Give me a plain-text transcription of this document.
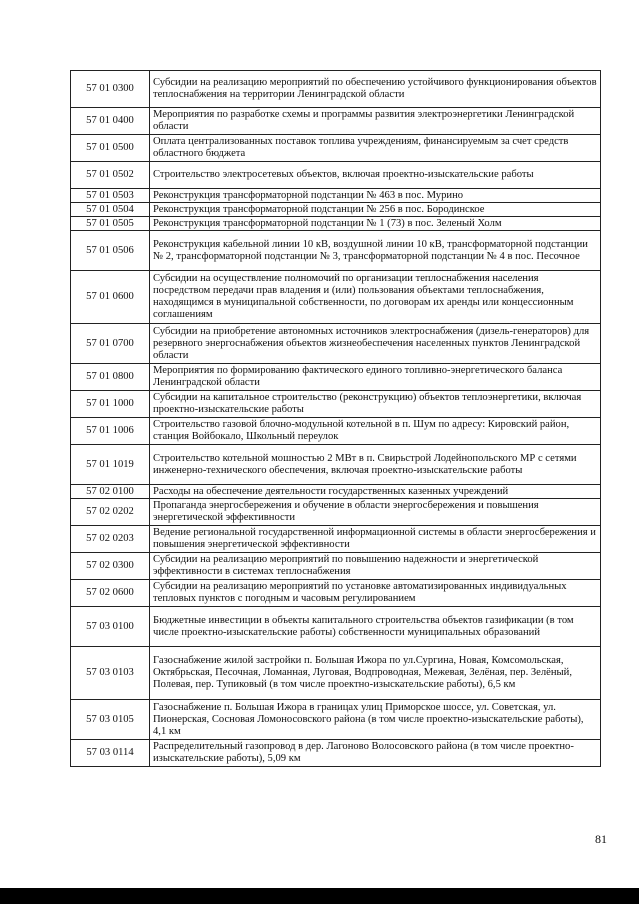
57 01 0300	Субсидии на реализацию мероприятий по обеспечению устойчивого функционирования объектов теплоснабжения на территории Ленинградской области
57 01 0400	Мероприятия по разработке схемы и программы развития электроэнергетики Ленинградской области
57 01 0500	Оплата централизованных поставок топлива учреждениям, финансируемым за счет средств областного бюджета
57 01 0502	Строительство электросетевых объектов, включая проектно-изыскательские работы
57 01 0503	Реконструкция трансформаторной подстанции № 463 в пос. Мурино
57 01 0504	Реконструкция трансформаторной подстанции № 256 в пос. Бородинское
57 01 0505	Реконструкция трансформаторной подстанции № 1 (73) в пос. Зеленый Холм
57 01 0506	Реконструкция кабельной линии 10 кВ, воздушной линии 10 кВ, трансформаторной подстанции № 2, трансформаторной подстанции № 3, трансформаторной подстанции № 4 в пос. Песочное
57 01 0600	Субсидии на осуществление полномочий по организации теплоснабжения населения посредством передачи прав владения и (или) пользования объектами теплоснабжения, находящимся в муниципальной собственности, по договорам их аренды или концессионным соглашениям
57 01 0700	Субсидии на приобретение автономных источников электроснабжения (дизель-генераторов) для резервного энергоснабжения объектов жизнеобеспечения населенных пунктов Ленинградской области
57 01 0800	Мероприятия по формированию фактического единого топливно-энергетического баланса Ленинградской области
57 01 1000	Субсидии на капитальное строительство (реконструкцию) объектов теплоэнергетики, включая проектно-изыскательские работы
57 01 1006	Строительство газовой блочно-модульной котельной в п. Шум по адресу: Кировский район, станция Войбокало, Школьный переулок
57 01 1019	Строительство котельной мошностью 2 МВт в п. Свирьстрой Лодейнопольского МР с сетями инженерно-технического обеспечения, включая проектно-изыскательские работы
57 02 0100	Расходы на обеспечение деятельности государственных казенных учреждений
57 02 0202	Пропаганда энергосбережения и обучение в области энергосбережения и повышения энергетической эффективности
57 02 0203	Ведение региональной государственной информационной системы в области энергосбережения и повышения энергетической эффективности
57 02 0300	Субсидии на реализацию мероприятий по повышению надежности и энергетической эффективности в системах теплоснабжения
57 02 0600	Субсидии на реализацию мероприятий по установке автоматизированных индивидуальных тепловых пунктов с погодным и часовым регулированием
57 03 0100	Бюджетные инвестиции в объекты капитального строительства объектов газификации (в том числе проектно-изыскательские работы) собственности муниципальных образований
57 03 0103	Газоснабжение жилой застройки п. Большая Ижора по ул.Сургина, Новая, Комсомольская, Октябрьская, Песочная, Ломанная, Луговая, Водпроводная, Межевая, Зелёная, пер. Зелёный, Полевая, пер. Тупиковый (в том числе проектно-изыскательские работы), 6,5 км
57 03 0105	Газоснабжение п. Большая Ижора в границах улиц Приморское шоссе, ул. Советская, ул. Пионерская, Сосновая Ломоносовского района (в том числе проектно-изыскательские работы), 4,1 км
57 03 0114	Распределительный газопровод в дер. Лагоново Волосовского района (в том числе проектно-изыскательские работы), 5,09 км
81
